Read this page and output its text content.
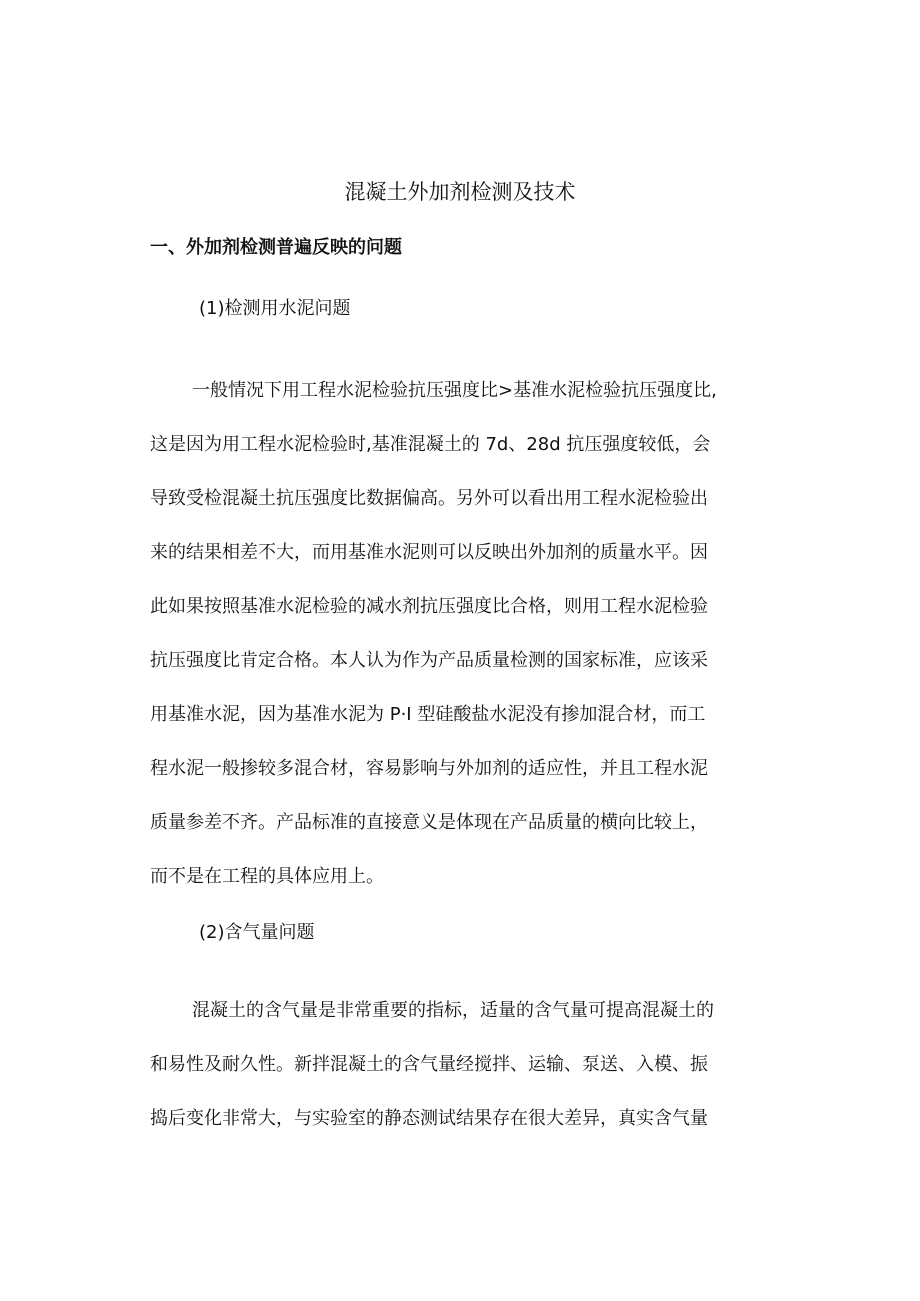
混凝土外加剂检测及技术
一、外加剂检测普遍反映的问题

(1)检测用水泥问题

一般情况下用工程水泥检验抗压强度比>基准水泥检验抗压强度比,
这是因为用工程水泥检验时,基准混凝土的 7d、28d 抗压强度较低，会
导致受检混凝土抗压强度比数据偏高。另外可以看出用工程水泥检验出
来的结果相差不大，而用基准水泥则可以反映出外加剂的质量水平。因
此如果按照基准水泥检验的减水剂抗压强度比合格，则用工程水泥检验
抗压强度比肯定合格。本人认为作为产品质量检测的国家标准，应该采
用基准水泥，因为基准水泥为 P·I 型硅酸盐水泥没有掺加混合材，而工
程水泥一般掺较多混合材，容易影响与外加剂的适应性，并且工程水泥
质量参差不齐。产品标准的直接意义是体现在产品质量的横向比较上，
而不是在工程的具体应用上。

(2)含气量问题

混凝土的含气量是非常重要的指标，适量的含气量可提高混凝土的
和易性及耐久性。新拌混凝土的含气量经搅拌、运输、泵送、入模、振
捣后变化非常大，与实验室的静态测试结果存在很大差异，真实含气量
